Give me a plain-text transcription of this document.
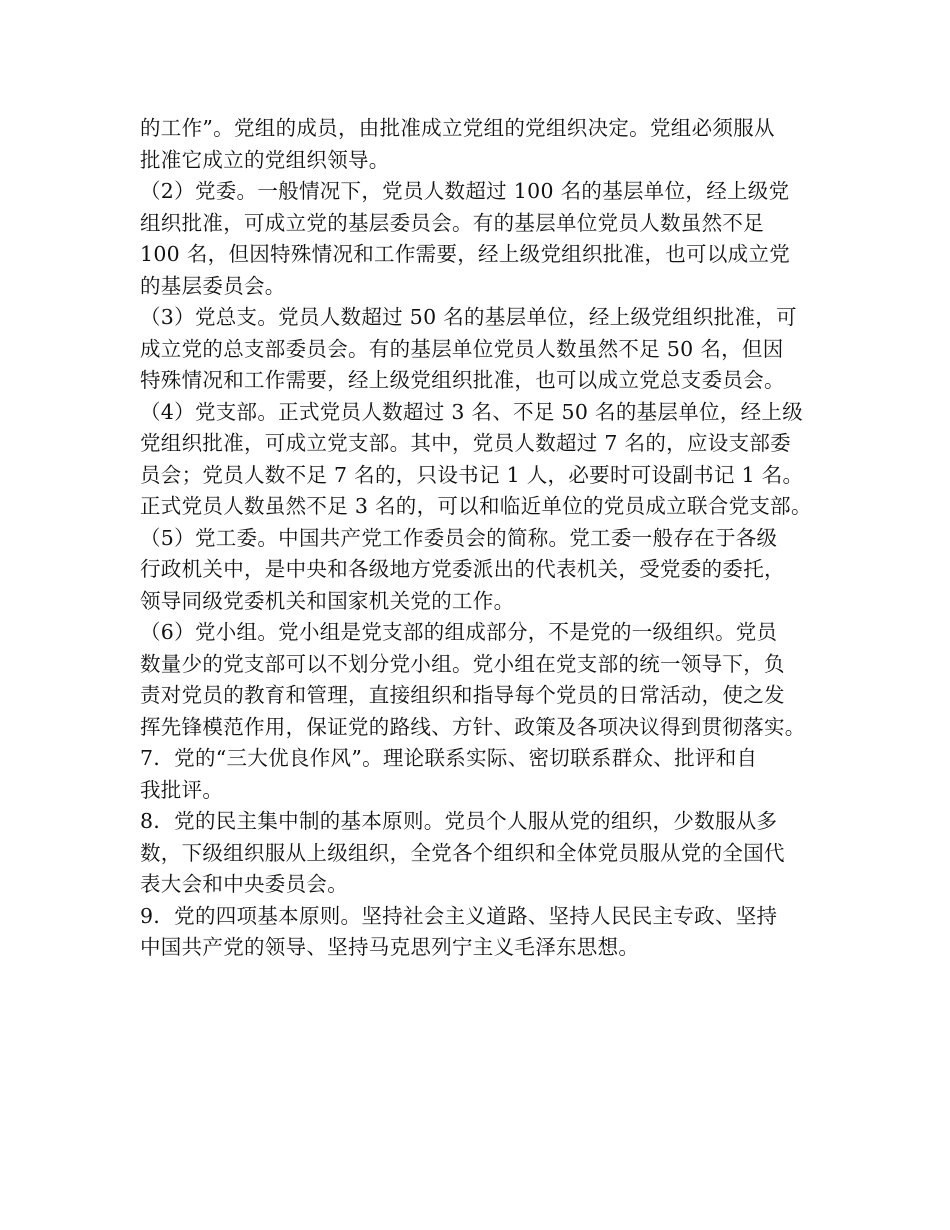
的工作”。党组的成员，由批准成立党组的党组织决定。党组必须服从
批准它成立的党组织领导。
（2）党委。一般情况下，党员人数超过 100 名的基层单位，经上级党
组织批准，可成立党的基层委员会。有的基层单位党员人数虽然不足
100 名，但因特殊情况和工作需要，经上级党组织批准，也可以成立党
的基层委员会。
（3）党总支。党员人数超过 50 名的基层单位，经上级党组织批准，可
成立党的总支部委员会。有的基层单位党员人数虽然不足 50 名，但因
特殊情况和工作需要，经上级党组织批准，也可以成立党总支委员会。
（4）党支部。正式党员人数超过 3 名、不足 50 名的基层单位，经上级
党组织批准，可成立党支部。其中，党员人数超过 7 名的，应设支部委
员会；党员人数不足 7 名的，只设书记 1 人，必要时可设副书记 1 名。
正式党员人数虽然不足 3 名的，可以和临近单位的党员成立联合党支部。
（5）党工委。中国共产党工作委员会的简称。党工委一般存在于各级
行政机关中，是中央和各级地方党委派出的代表机关，受党委的委托，
领导同级党委机关和国家机关党的工作。
（6）党小组。党小组是党支部的组成部分，不是党的一级组织。党员
数量少的党支部可以不划分党小组。党小组在党支部的统一领导下，负
责对党员的教育和管理，直接组织和指导每个党员的日常活动，使之发
挥先锋模范作用，保证党的路线、方针、政策及各项决议得到贯彻落实。
7．党的“三大优良作风”。理论联系实际、密切联系群众、批评和自
我批评。
8．党的民主集中制的基本原则。党员个人服从党的组织，少数服从多
数，下级组织服从上级组织，全党各个组织和全体党员服从党的全国代
表大会和中央委员会。
9．党的四项基本原则。坚持社会主义道路、坚持人民民主专政、坚持
中国共产党的领导、坚持马克思列宁主义毛泽东思想。
